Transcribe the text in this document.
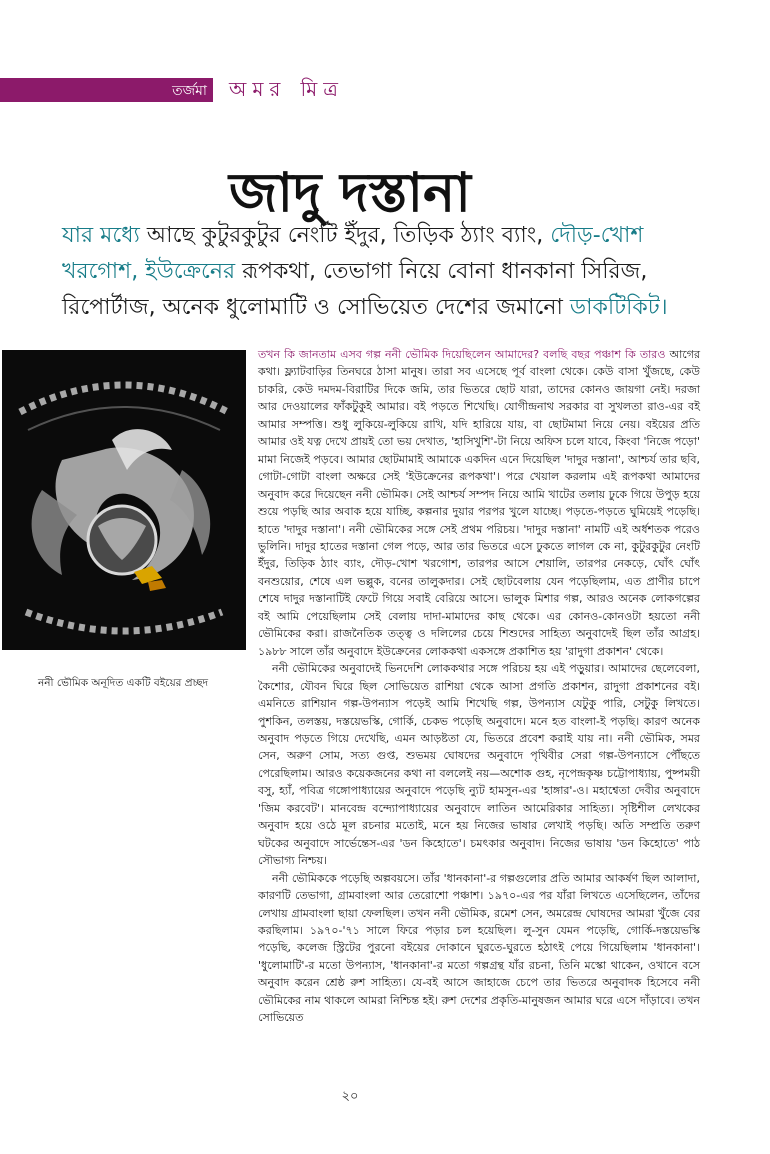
তর্জমা	অমর মিত্র
জাদু দস্তানা
যার মধ্যে আছে কুটুরকুটুর নেংটি ইঁদুর, তিড়িক ঠ্যাং ব্যাং, দৌড়-খোশ খরগোশ, ইউক্রেনের রূপকথা, তেভাগা নিয়ে বোনা ধানকানা সিরিজ, রিপোর্টাজ, অনেক ধুলোমাটি ও সোভিয়েত দেশের জমানো ডাকটিকিট।
ননী ভৌমিক অনূদিত একটি বইয়ের প্রচ্ছদ

তখন কি জানতাম এসব গল্প ননী ভৌমিক দিয়েছিলেন আমাদের? বলছি বছর পঞ্চাশ কি তারও আগের কথা। ফ্ল্যাটবাড়ির তিনঘরে ঠাসা মানুষ। তারা সব এসেছে পূর্ব বাংলা থেকে। কেউ বাসা খুঁজছে, কেউ চাকরি, কেউ দমদম-বিরাটির দিকে জমি, তার ভিতরে ছোট যারা, তাদের কোনও জায়গা নেই। দরজা আর দেওয়ালের ফাঁকটুকুই আমার। বই পড়তে শিখেছি। যোগীন্দ্রনাথ সরকার বা সুখলতা রাও-এর বই আমার সম্পত্তি। শুধু লুকিয়ে-লুকিয়ে রাখি, যদি হারিয়ে যায়, বা ছোটমামা নিয়ে নেয়। বইয়ের প্রতি আমার ওই যত্ন দেখে প্রায়ই তো ভয় দেখাত, 'হাসিখুশি'-টা নিয়ে অফিস চলে যাবে, কিংবা 'নিজে পড়ো' মামা নিজেই পড়বে। আমার ছোটমামাই আমাকে একদিন এনে দিয়েছিল 'দাদুর দস্তানা', আশ্চর্য তার ছবি, গোটা-গোটা বাংলা অক্ষরে সেই 'ইউক্রেনের রূপকথা'। পরে খেয়াল করলাম এই রূপকথা আমাদের অনুবাদ করে দিয়েছেন ননী ভৌমিক। সেই আশ্চর্য সম্পদ নিয়ে আমি খাটের তলায় ঢুকে গিয়ে উপুড় হয়ে শুয়ে পড়ছি আর অবাক হয়ে যাচ্ছি, কল্পনার দুয়ার পরপর খুলে যাচ্ছে। পড়তে-পড়তে ঘুমিয়েই পড়েছি। হাতে 'দাদুর দস্তানা'। ননী ভৌমিকের সঙ্গে সেই প্রথম পরিচয়। 'দাদুর দস্তানা' নামটি এই অর্ধশতক পরেও ভুলিনি। দাদুর হাতের দস্তানা গেল পড়ে, আর তার ভিতরে এসে ঢুকতে লাগল কে না, কুটুরকুটুর নেংটি ইঁদুর, তিড়িক ঠ্যাং ব্যাং, দৌড়-খোশ খরগোশ, তারপর আসে শেয়ালি, তারপর নেকড়ে, ঘোঁৎ ঘোঁৎ বনশুয়োর, শেষে এল ভল্লুক, বনের তালুকদার। সেই ছোটবেলায় যেন পড়েছিলাম, এত প্রাণীর চাপে শেষে দাদুর দস্তানাটিই ফেটে গিয়ে সবাই বেরিয়ে আসে। ভালুক মিশার গল্প, আরও অনেক লোকগল্পের বই আমি পেয়েছিলাম সেই বেলায় দাদা-মামাদের কাছ থেকে। এর কোনও-কোনওটা হয়তো ননী ভৌমিকের করা। রাজনৈতিক তত্ত্ব ও দলিলের চেয়ে শিশুদের সাহিত্য অনুবাদেই ছিল তাঁর আগ্রহ। ১৯৮৮ সালে তাঁর অনুবাদে ইউক্রেনের লোককথা একসঙ্গে প্রকাশিত হয় 'রাদুগা প্রকাশন' থেকে।

ননী ভৌমিকের অনুবাদেই ভিনদেশি লোককথার সঙ্গে পরিচয় হয় এই পড়ুয়ার। আমাদের ছেলেবেলা, কৈশোর, যৌবন ঘিরে ছিল সোভিয়েত রাশিয়া থেকে আসা প্রগতি প্রকাশন, রাদুগা প্রকাশনের বই। এমনিতে রাশিয়ান গল্প-উপন্যাস পড়েই আমি শিখেছি গল্প, উপন্যাস যেটুকু পারি, সেটুকু লিখতে। পুশকিন, তলস্তয়, দস্তয়েভস্কি, গোর্কি, চেকভ পড়েছি অনুবাদে। মনে হত বাংলা-ই পড়ছি। কারণ অনেক অনুবাদ পড়তে গিয়ে দেখেছি, এমন আড়ষ্টতা যে, ভিতরে প্রবেশ করাই যায় না। ননী ভৌমিক, সমর সেন, অরুণ সোম, সত্য গুপ্ত, শুভময় ঘোষদের অনুবাদে পৃথিবীর সেরা গল্প-উপন্যাসে পৌঁছতে পেরেছিলাম। আরও কয়েকজনের কথা না বললেই নয়—অশোক গুহ, নৃপেন্দ্রকৃষ্ণ চট্টোপাধ্যায়, পুষ্পময়ী বসু, হ্যাঁ, পবিত্র গঙ্গোপাধ্যায়ের অনুবাদে পড়েছি ন্যুট হামসুন-এর 'হাঙ্গার'-ও। মহাশ্বেতা দেবীর অনুবাদে 'জিম করবেট'। মানবেন্দ্র বন্দ্যোপাধ্যায়ের অনুবাদে লাতিন আমেরিকার সাহিত্য। সৃষ্টিশীল লেখকের অনুবাদ হয়ে ওঠে মূল রচনার মতোই, মনে হয় নিজের ভাষার লেখাই পড়ছি। অতি সম্প্রতি তরুণ ঘটকের অনুবাদে সার্ভেন্তেস-এর 'ডন কিহোতে'। চমৎকার অনুবাদ। নিজের ভাষায় 'ডন কিহোতে' পাঠ সৌভাগ্য নিশ্চয়।

ননী ভৌমিককে পড়েছি অল্পবয়সে। তাঁর 'ধানকানা'-র গল্পগুলোর প্রতি আমার আকর্ষণ ছিল আলাদা, কারণটি তেভাগা, গ্রামবাংলা আর তেরোশো পঞ্চাশ। ১৯৭০-এর পর যাঁরা লিখতে এসেছিলেন, তাঁদের লেখায় গ্রামবাংলা ছায়া ফেলছিল। তখন ননী ভৌমিক, রমেশ সেন, অমরেন্দ্র ঘোষদের আমরা খুঁজে বের করছিলাম। ১৯৭০-'৭১ সালে ফিরে পড়ার চল হয়েছিল। লু-সুন যেমন পড়েছি, গোর্কি-দস্তয়েভস্কি পড়েছি, কলেজ স্ট্রিটের পুরনো বইয়ের দোকানে ঘুরতে-ঘুরতে হঠাৎই পেয়ে গিয়েছিলাম 'ধানকানা'। 'ধুলোমাটি'-র মতো উপন্যাস, 'ধানকানা'-র মতো গল্পগ্রন্থ যাঁর রচনা, তিনি মস্কো থাকেন, ওখানে বসে অনুবাদ করেন শ্রেষ্ঠ রুশ সাহিত্য। যে-বই আসে জাহাজে চেপে তার ভিতরে অনুবাদক হিসেবে ননী ভৌমিকের নাম থাকলে আমরা নিশ্চিন্ত হই। রুশ দেশের প্রকৃতি-মানুষজন আমার ঘরে এসে দাঁড়াবে। তখন সোভিয়েত

২০
